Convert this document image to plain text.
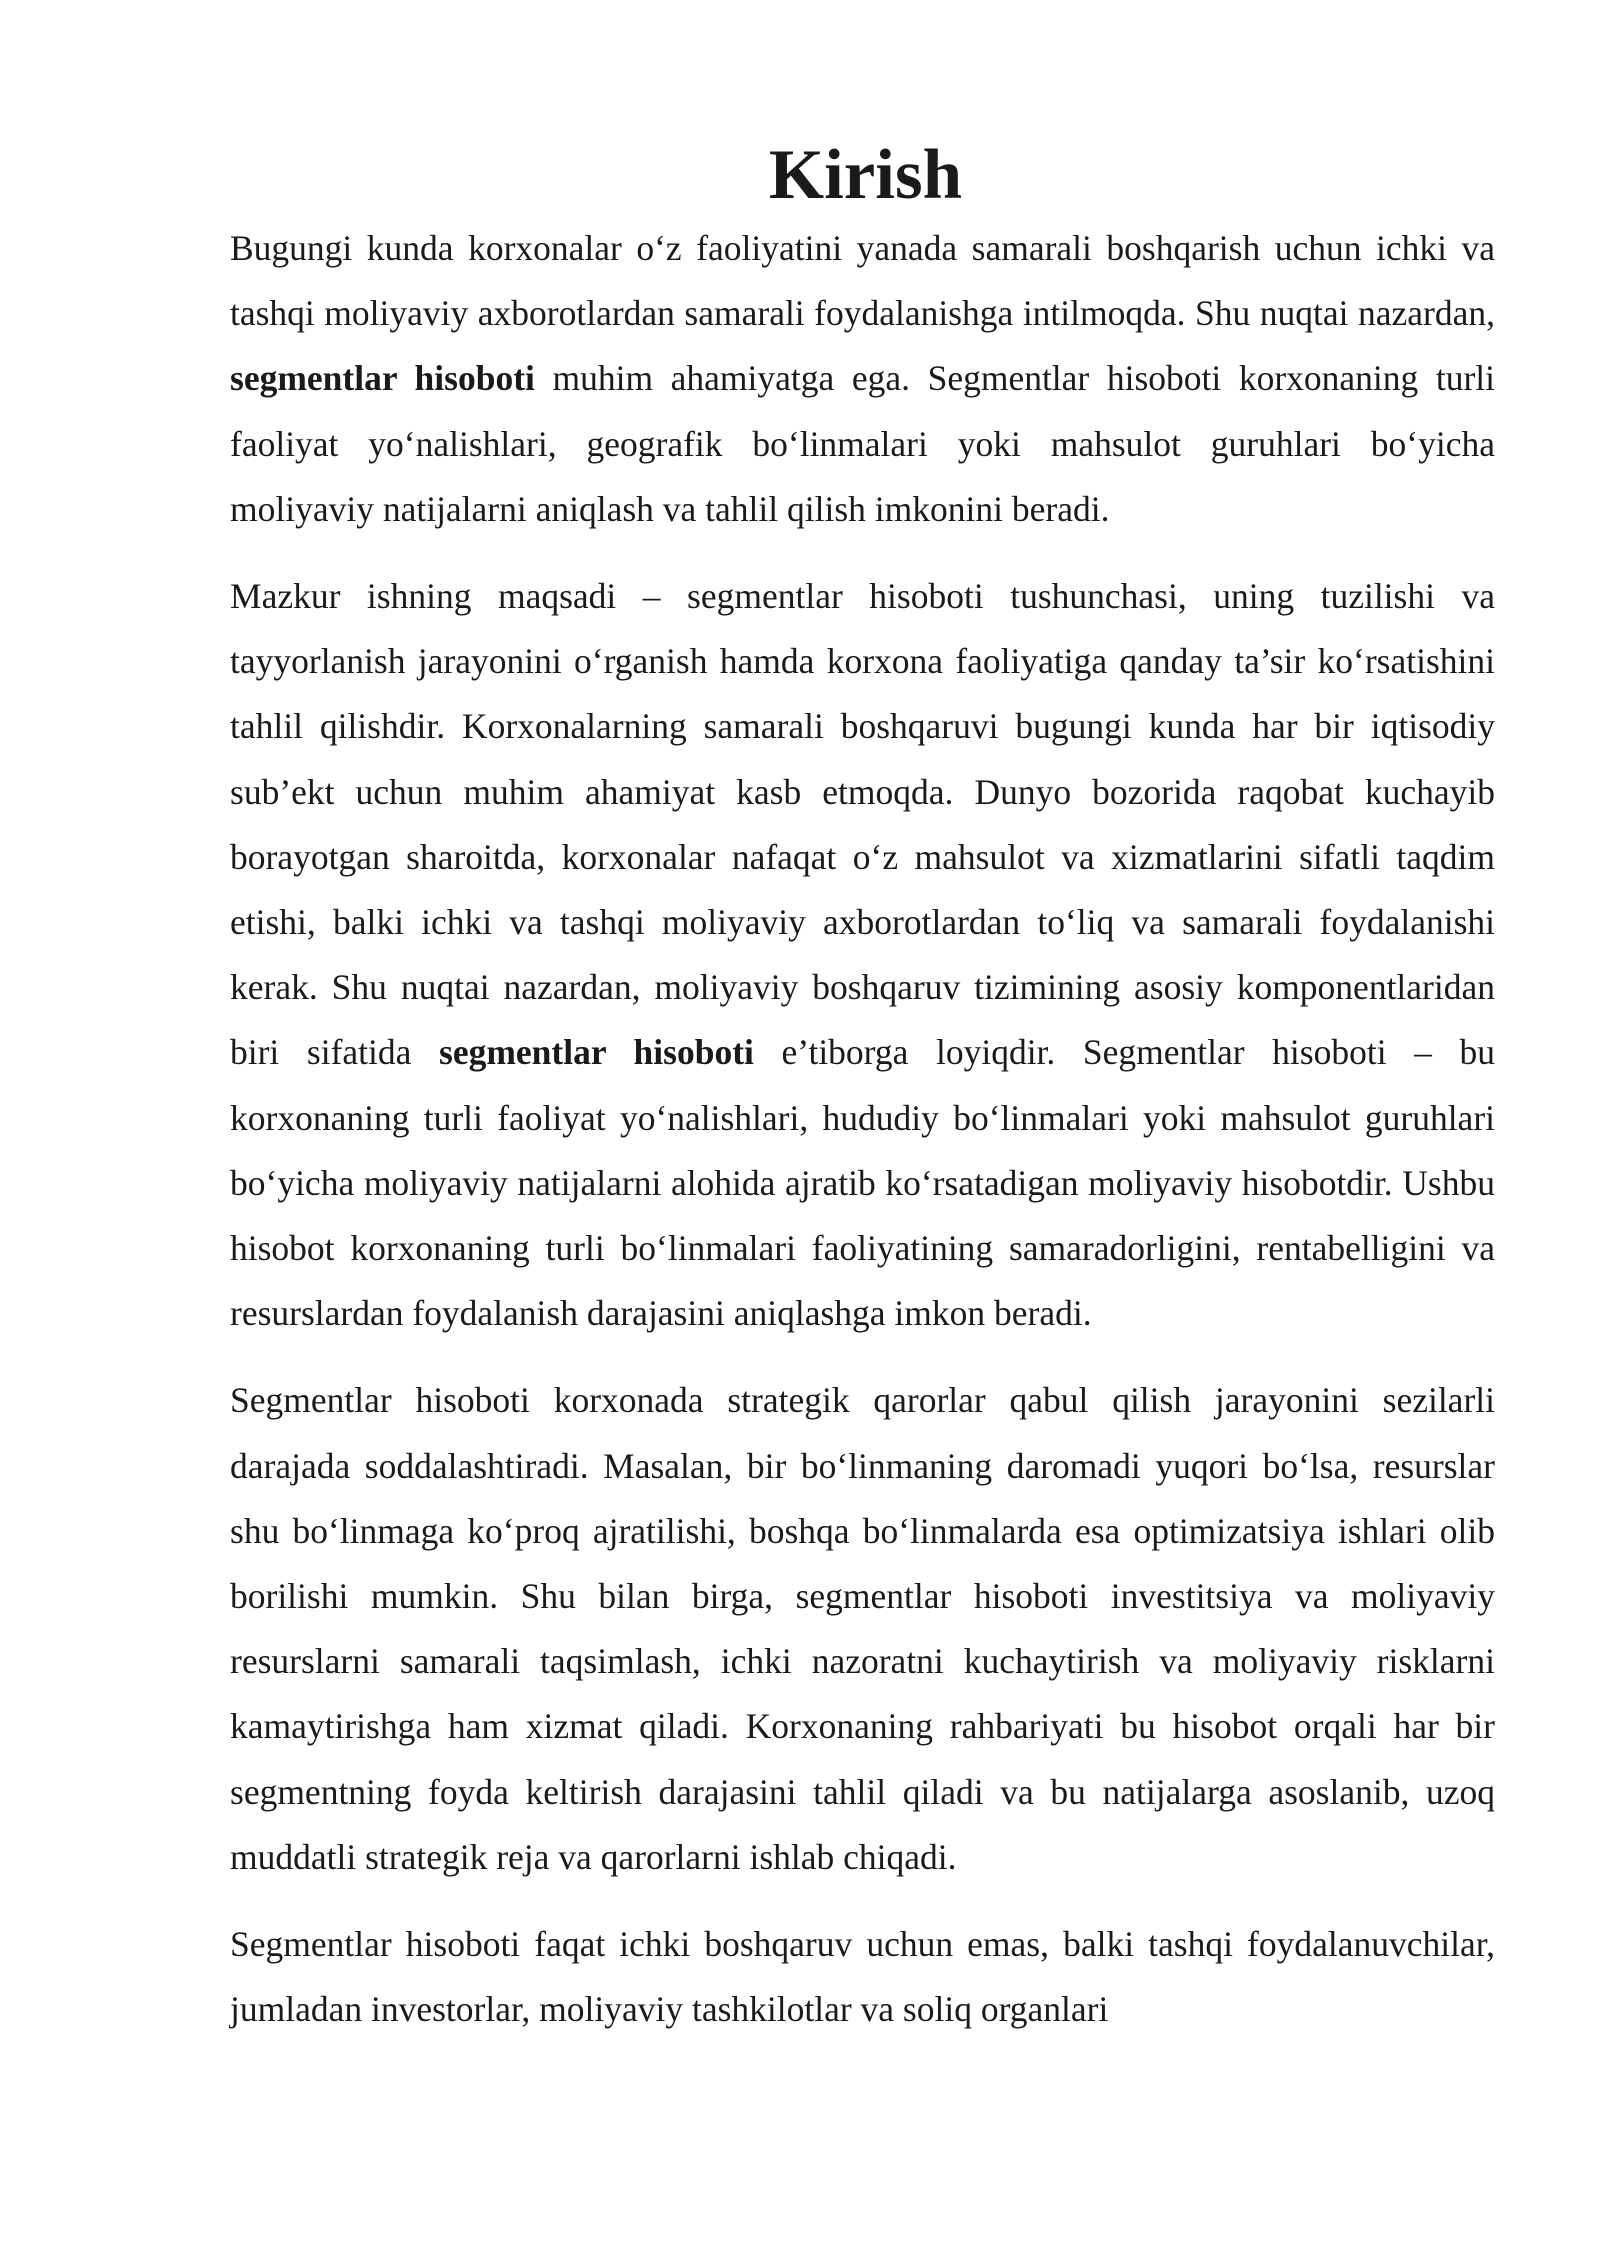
Kirish

Bugungi kunda korxonalar o‘z faoliyatini yanada samarali boshqarish uchun ichki va tashqi moliyaviy axborotlardan samarali foydalanishga intilmoqda. Shu nuqtai nazardan, segmentlar hisoboti muhim ahamiyatga ega. Segmentlar hisoboti korxonaning turli faoliyat yo‘nalishlari, geografik bo‘linmalari yoki mahsulot guruhlari bo‘yicha moliyaviy natijalarni aniqlash va tahlil qilish imkonini beradi.

Mazkur ishning maqsadi – segmentlar hisoboti tushunchasi, uning tuzilishi va tayyorlanish jarayonini o‘rganish hamda korxona faoliyatiga qanday ta’sir ko‘rsatishini tahlil qilishdir. Korxonalarning samarali boshqaruvi bugungi kunda har bir iqtisodiy sub’ekt uchun muhim ahamiyat kasb etmoqda. Dunyo bozorida raqobat kuchayib borayotgan sharoitda, korxonalar nafaqat o‘z mahsulot va xizmatlarini sifatli taqdim etishi, balki ichki va tashqi moliyaviy axborotlardan to‘liq va samarali foydalanishi kerak. Shu nuqtai nazardan, moliyaviy boshqaruv tizimining asosiy komponentlaridan biri sifatida segmentlar hisoboti e’tiborga loyiqdir. Segmentlar hisoboti – bu korxonaning turli faoliyat yo‘nalishlari, hududiy bo‘linmalari yoki mahsulot guruhlari bo‘yicha moliyaviy natijalarni alohida ajratib ko‘rsatadigan moliyaviy hisobotdir. Ushbu hisobot korxonaning turli bo‘linmalari faoliyatining samaradorligini, rentabelligini va resurslardan foydalanish darajasini aniqlashga imkon beradi.

Segmentlar hisoboti korxonada strategik qarorlar qabul qilish jarayonini sezilarli darajada soddalashtiradi. Masalan, bir bo‘linmaning daromadi yuqori bo‘lsa, resurslar shu bo‘linmaga ko‘proq ajratilishi, boshqa bo‘linmalarda esa optimizatsiya ishlari olib borilishi mumkin. Shu bilan birga, segmentlar hisoboti investitsiya va moliyaviy resurslarni samarali taqsimlash, ichki nazoratni kuchaytirish va moliyaviy risklarni kamaytirishga ham xizmat qiladi. Korxonaning rahbariyati bu hisobot orqali har bir segmentning foyda keltirish darajasini tahlil qiladi va bu natijalarga asoslanib, uzoq muddatli strategik reja va qarorlarni ishlab chiqadi.

Segmentlar hisoboti faqat ichki boshqaruv uchun emas, balki tashqi foydalanuvchilar, jumladan investorlar, moliyaviy tashkilotlar va soliq organlari
